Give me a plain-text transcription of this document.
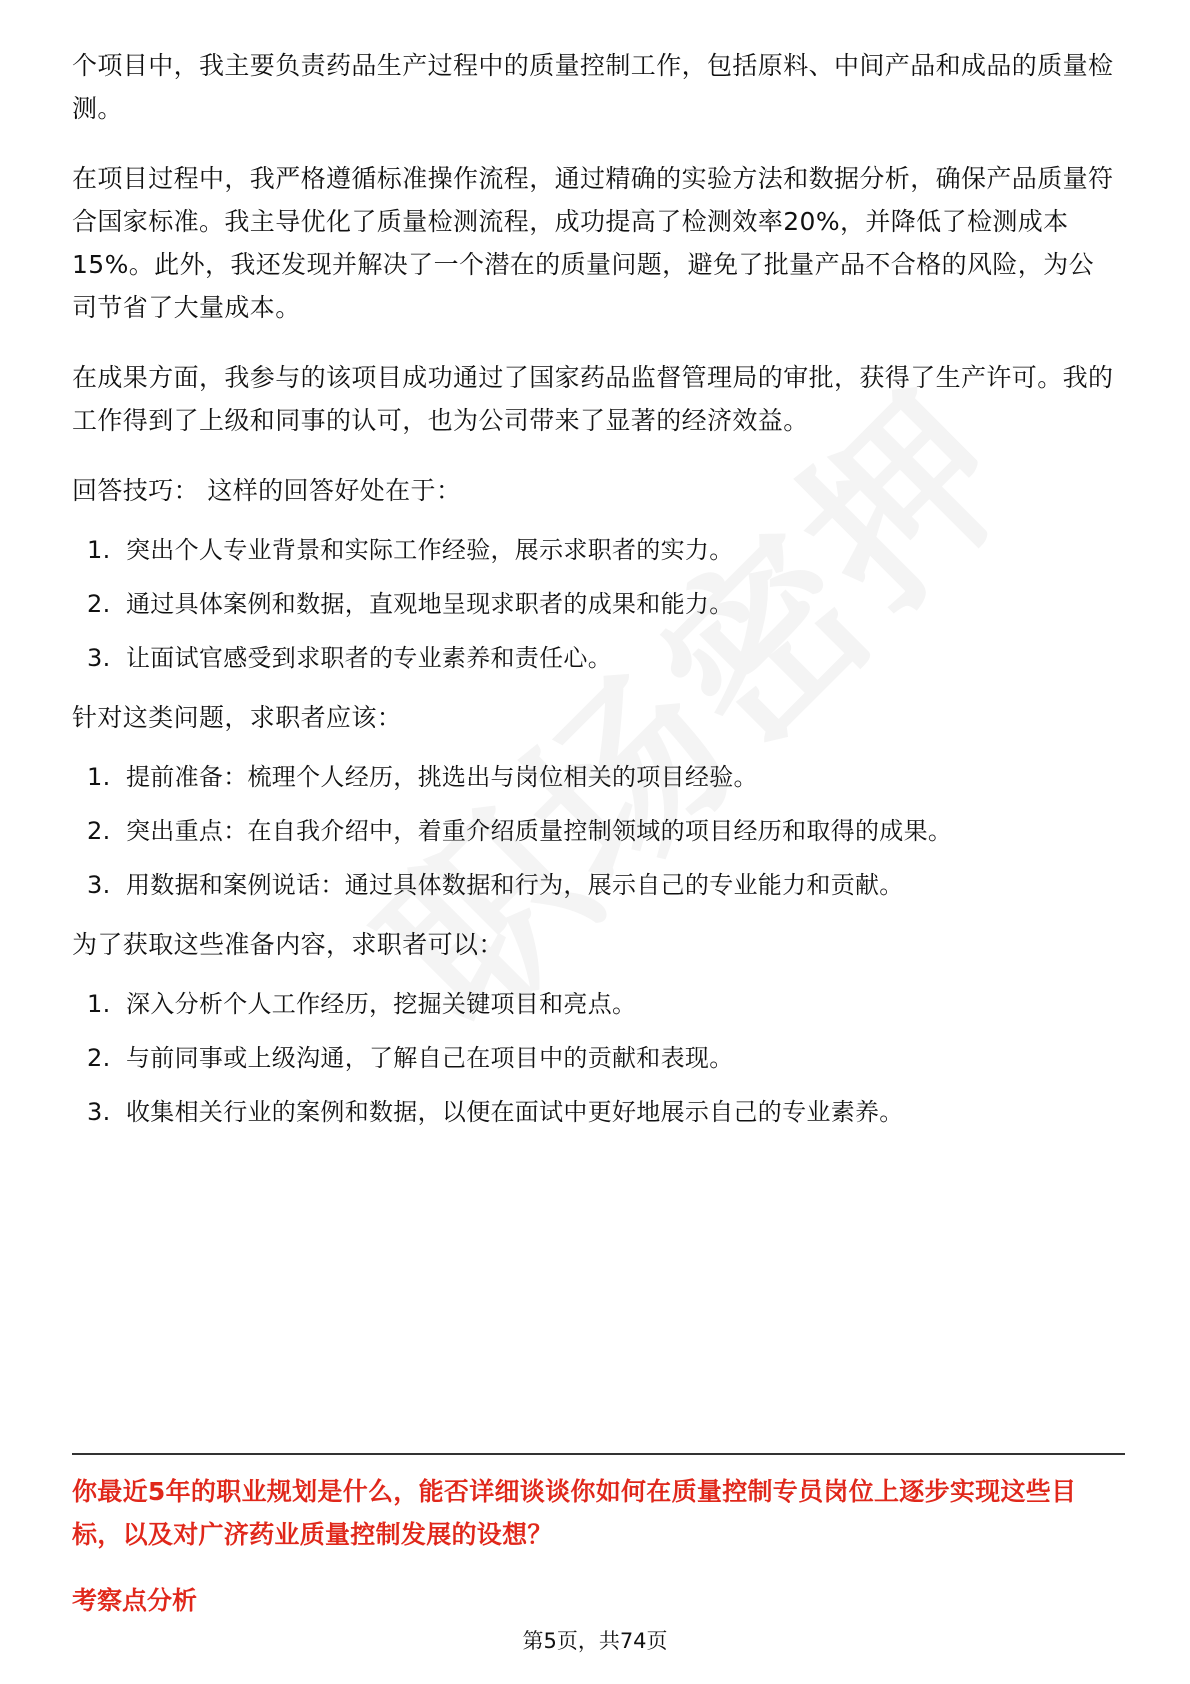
个项目中，我主要负责药品生产过程中的质量控制工作，包括原料、中间产品和成品的质量检测。

在项目过程中，我严格遵循标准操作流程，通过精确的实验方法和数据分析，确保产品质量符合国家标准。我主导优化了质量检测流程，成功提高了检测效率20%，并降低了检测成本15%。此外，我还发现并解决了一个潜在的质量问题，避免了批量产品不合格的风险，为公司节省了大量成本。

在成果方面，我参与的该项目成功通过了国家药品监督管理局的审批，获得了生产许可。我的工作得到了上级和同事的认可，也为公司带来了显著的经济效益。

回答技巧： 这样的回答好处在于：

1. 突出个人专业背景和实际工作经验，展示求职者的实力。
2. 通过具体案例和数据，直观地呈现求职者的成果和能力。
3. 让面试官感受到求职者的专业素养和责任心。

针对这类问题，求职者应该：

1. 提前准备：梳理个人经历，挑选出与岗位相关的项目经验。
2. 突出重点：在自我介绍中，着重介绍质量控制领域的项目经历和取得的成果。
3. 用数据和案例说话：通过具体数据和行为，展示自己的专业能力和贡献。

为了获取这些准备内容，求职者可以：

1. 深入分析个人工作经历，挖掘关键项目和亮点。
2. 与前同事或上级沟通，了解自己在项目中的贡献和表现。
3. 收集相关行业的案例和数据，以便在面试中更好地展示自己的专业素养。

你最近5年的职业规划是什么，能否详细谈谈你如何在质量控制专员岗位上逐步实现这些目标，以及对广济药业质量控制发展的设想？

考察点分析

第5页，共74页
